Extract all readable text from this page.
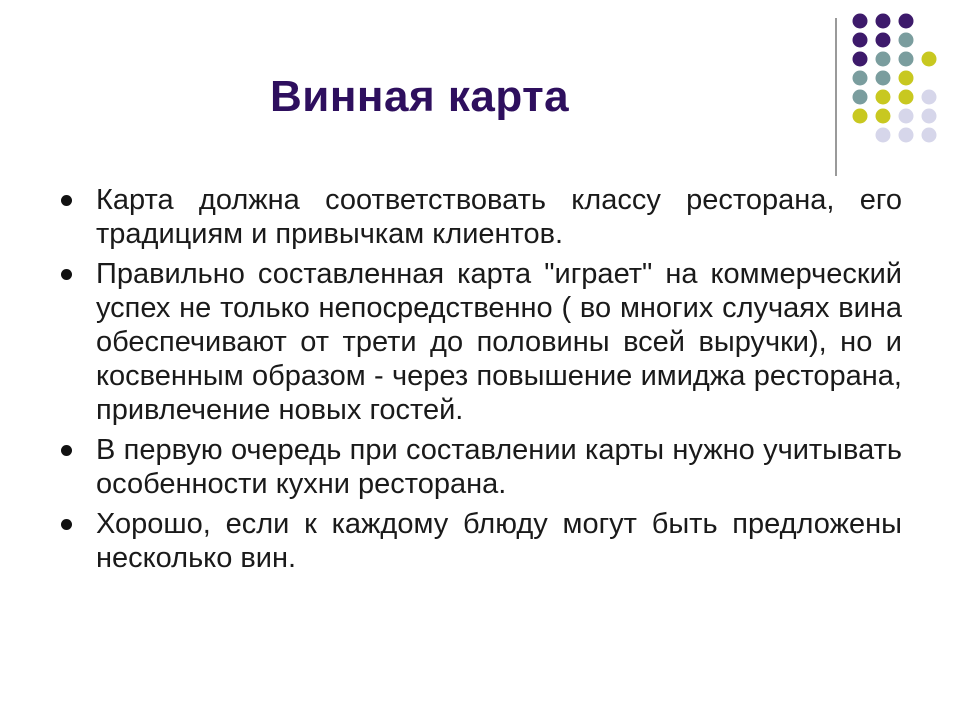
Винная карта
Карта должна соответствовать классу ресторана, его традициям и привычкам клиентов.
Правильно составленная карта "играет" на коммерческий успех не только непосредственно ( во многих случаях вина обеспечивают от трети до половины всей выручки), но и косвенным образом - через повышение имиджа ресторана, привлечение новых гостей.
В первую очередь при составлении карты нужно учитывать особенности кухни ресторана.
Хорошо, если к каждому блюду могут быть предложены несколько вин.
